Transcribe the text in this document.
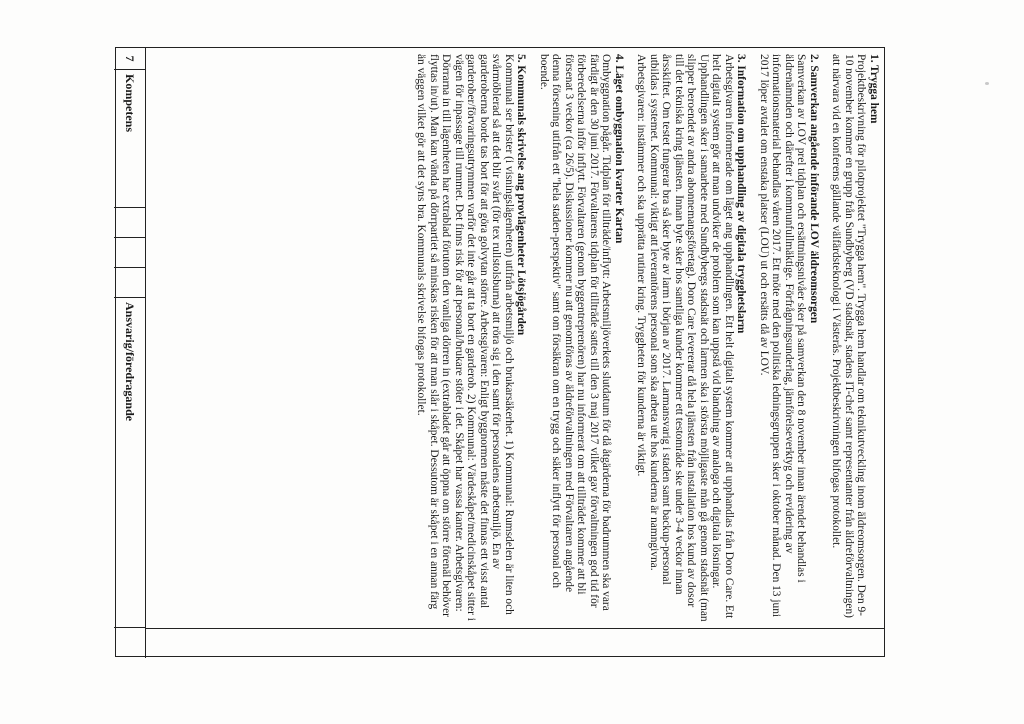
1. Trygga hem

Projektbeskrivning för pilotprojektet "Trygga hem". Trygga hem handlar om teknikutveckling inom äldreomsorgen. Den 9-10 november kommer en grupp från Sundbyberg (VD stadsnät, stadens IT-chef samt representanter från äldreförvaltningen) att närvara vid en konferens gällande välfärdsteknologi i Västerås. Projektbeskrivningen bifogas protokollet.

2. Samverkan angående införande LOV äldreomsorgen

Samverkan av LOV prel tidplan och ersättningsnivåer sker på samverkan den 8 november innan ärendet behandlas i äldrenämnden och därefter i kommunfullmäktige. Förfrågningsunderlag, jämförelseverktyg och revidering av informationsmaterial behandlas våren 2017. Ett möte med den politiska ledningsgruppen sker i oktober månad. Den 13 juni 2017 löper avtalet om enstaka platser (LOU) ut och ersätts då av LOV.

3. Information om upphandling av digitala trygghetslarm

Arbetsgivaren informerade om läget ang upphandlingen. Ett helt digitalt system kommer att upphandlas från Doro Care. Ett helt digitalt system gör att man undviker de problem som kan uppstå vid blandning av analoga och digitala lösningar. Upphandlingen sker i samarbete med Sundbybergs stadsnät och larmen ska i största möjligaste mån gå genom stadsnät (man slipper beroendet av andra abonnemangsföretag). Doro Care levererar då hela tjänsten från installation hos kund av dosor till det tekniska kring tjänsten. Innan byte sker hos samtliga kunder kommer ett testområde ske under 3-4 veckor innan årsskiftet. Om testet fungerar bra så sker byte av larm i början av 2017. Larmansvarig i staden samt backup-personal utbildas i systemet. Kommunal: viktigt att leverantörens personal som ska arbeta ute hos kunderna är namngivna. Arbetsgivaren: instämmer och ska upprätta rutiner kring. Tryggheten för kunderna är viktigt.

4. Läget ombyggnation kvarter Kartan

Ombyggnation pågår. Tidplan för tillträde/inflytt: Arbetsmiljöverkets slutdatum för då åtgärderna för badrummen ska vara färdigt är den 30 juni 2017. Förvaltarens tidplan för tillträde sattes till den 3 maj 2017 vilket gav förvaltningen god tid för förberedelserna inför inflytt. Förvaltaren (genom byggentreprenören) har nu informerat om att tillträdet kommer att bli försenat 3 veckor (ca 26/5). Diskussioner kommer nu att genomföras av äldreförvaltningen med Förvaltaren angående denna försening utifrån ett "hela staden-perspektiv" samt om försäkran om en trygg och säker inflytt för personal och boende.

5. Kommunals skrivelse ang provlägenheter Lötsjögården

Kommunal ser brister (i visningslägenheten) utifrån arbetsmiljö och brukarsäkerhet. 1) Kommunal: Rumsdelen är liten och svårmöblerad så att det blir svårt (för tex rullstolsburna) att röra sig i den samt för personalens arbetsmiljö. En av garderoberna borde tas bort för att göra golvytan större. Arbetsgivaren: Enligt byggnormen måste det finnas ett visst antal garderober/förvaringsutrymmen varför det inte går att ta bort en garderob. 2) Kommunal: Värdeskåpet/medicinskåpet sitter i vägen för inpassage till rummet. Det finns risk för att personal/brukare stöter i det. Skåpet har vassa kanter. Arbetsgivaren: Dörrarna in till lägenheten har extrablad förutom den vanliga dörren in (extrabladet går att öppna om större förenäl behöver flyttas in/ut). Man kan vända på dörrpartiet så minskas risken för att man slår i skåpet. Dessutom är skåpet i en annan färg än väggen vilket gör att det syns bra. Kommunals skrivelse bifogas protokollet.

7
Kompetens
Ansvarig/föredragande
